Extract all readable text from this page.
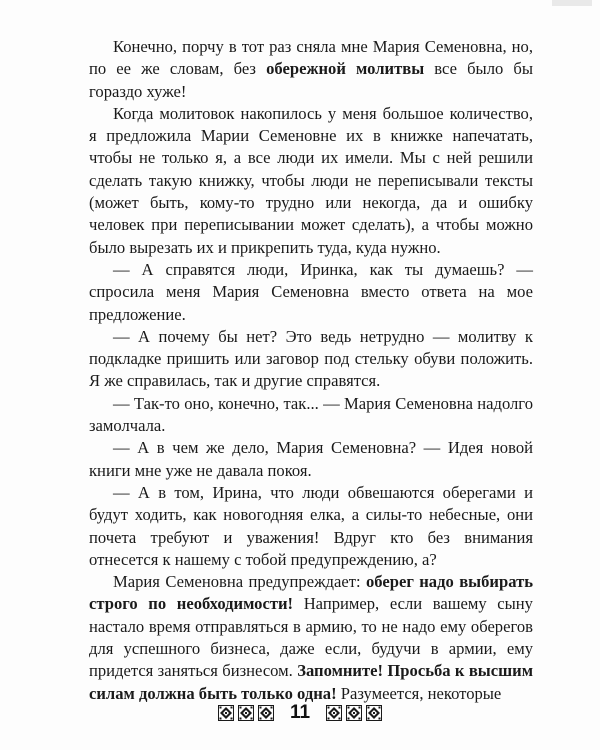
Конечно, порчу в тот раз сняла мне Мария Семеновна, но, по ее же словам, без обережной молитвы все было бы гораздо хуже!

Когда молитовок накопилось у меня большое количество, я предложила Марии Семеновне их в книжке напечатать, чтобы не только я, а все люди их имели. Мы с ней решили сделать такую книжку, чтобы люди не переписывали тексты (может быть, кому-то трудно или некогда, да и ошибку человек при переписывании может сделать), а чтобы можно было вырезать их и прикрепить туда, куда нужно.

— А справятся люди, Иринка, как ты думаешь? — спросила меня Мария Семеновна вместо ответа на мое предложение.

— А почему бы нет? Это ведь нетрудно — молитву к подкладке пришить или заговор под стельку обуви положить. Я же справилась, так и другие справятся.

— Так-то оно, конечно, так... — Мария Семеновна надолго замолчала.

— А в чем же дело, Мария Семеновна? — Идея новой книги мне уже не давала покоя.

— А в том, Ирина, что люди обвешаются оберегами и будут ходить, как новогодняя елка, а силы-то небесные, они почета требуют и уважения! Вдруг кто без внимания отнесется к нашему с тобой предупреждению, а?

Мария Семеновна предупреждает: оберег надо выбирать строго по необходимости! Например, если вашему сыну настало время отправляться в армию, то не надо ему оберегов для успешного бизнеса, даже если, будучи в армии, ему придется заняться бизнесом. Запомните! Просьба к высшим силам должна быть только одна! Разумеется, некоторые

11
